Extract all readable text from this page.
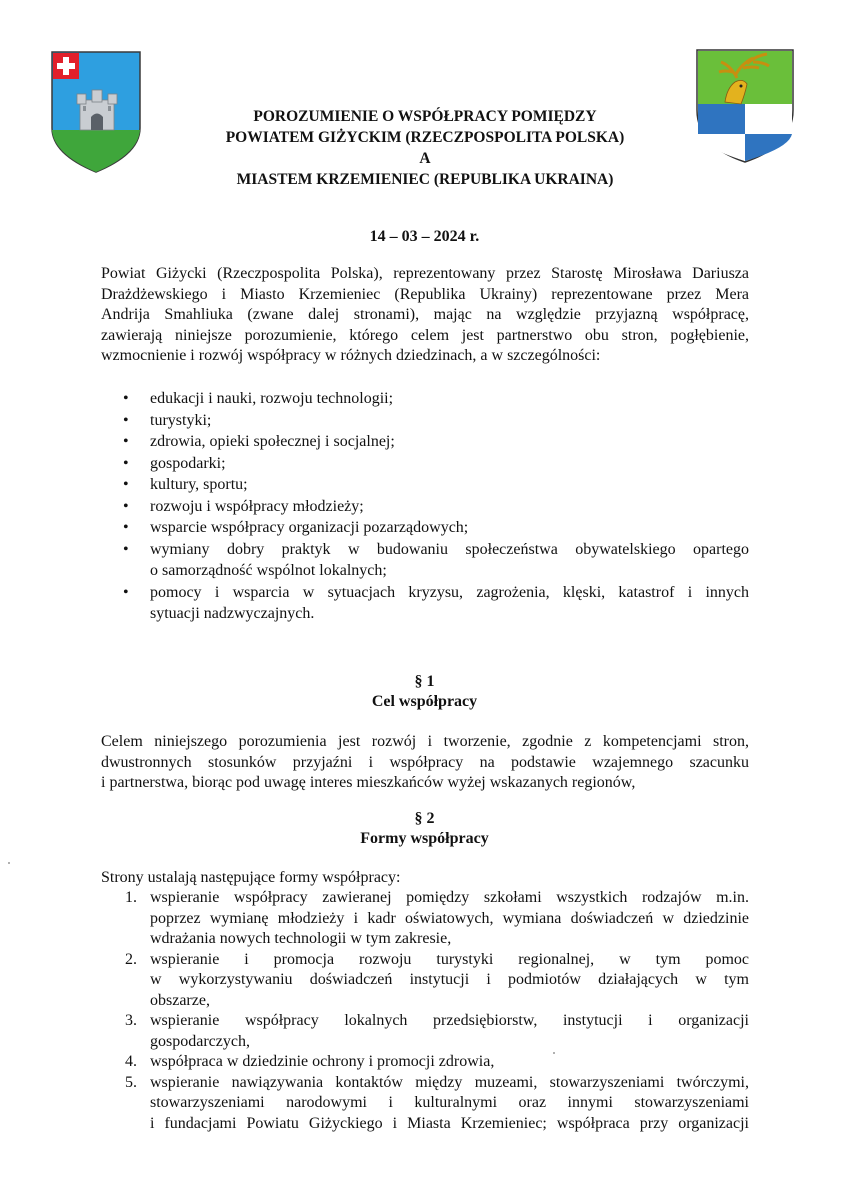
POROZUMIENIE O WSPÓŁPRACY POMIĘDZY
POWIATEM GIŻYCKIM (RZECZPOSPOLITA POLSKA)
A
MIASTEM KRZEMIENIEC (REPUBLIKA UKRAINA)
14 – 03 – 2024 r.
Powiat Giżycki (Rzeczpospolita Polska), reprezentowany przez Starostę Mirosława Dariusza
Drażdżewskiego i Miasto Krzemieniec (Republika Ukrainy) reprezentowane przez Mera
Andrija Smahliuka (zwane dalej stronami), mając na względzie przyjazną współpracę,
zawierają niniejsze porozumienie, którego celem jest partnerstwo obu stron, pogłębienie,
wzmocnienie i rozwój współpracy w różnych dziedzinach, a w szczególności:
• edukacji i nauki, rozwoju technologii;
• turystyki;
• zdrowia, opieki społecznej i socjalnej;
• gospodarki;
• kultury, sportu;
• rozwoju i współpracy młodzieży;
• wsparcie współpracy organizacji pozarządowych;
• wymiany dobry praktyk w budowaniu społeczeństwa obywatelskiego opartego
o samorządność wspólnot lokalnych;
• pomocy i wsparcia w sytuacjach kryzysu, zagrożenia, klęski, katastrof i innych
sytuacji nadzwyczajnych.
§ 1
Cel współpracy
Celem niniejszego porozumienia jest rozwój i tworzenie, zgodnie z kompetencjami stron,
dwustronnych stosunków przyjaźni i współpracy na podstawie wzajemnego szacunku
i partnerstwa, biorąc pod uwagę interes mieszkańców wyżej wskazanych regionów,
§ 2
Formy współpracy
Strony ustalają następujące formy współpracy:
1. wspieranie współpracy zawieranej pomiędzy szkołami wszystkich rodzajów m.in.
poprzez wymianę młodzieży i kadr oświatowych, wymiana doświadczeń w dziedzinie
wdrażania nowych technologii w tym zakresie,
2. wspieranie i promocja rozwoju turystyki regionalnej, w tym pomoc
w wykorzystywaniu doświadczeń instytucji i podmiotów działających w tym
obszarze,
3. wspieranie współpracy lokalnych przedsiębiorstw, instytucji i organizacji
gospodarczych,
4. współpraca w dziedzinie ochrony i promocji zdrowia,
5. wspieranie nawiązywania kontaktów między muzeami, stowarzyszeniami twórczymi,
stowarzyszeniami narodowymi i kulturalnymi oraz innymi stowarzyszeniami
i fundacjami Powiatu Giżyckiego i Miasta Krzemieniec; współpraca przy organizacji
